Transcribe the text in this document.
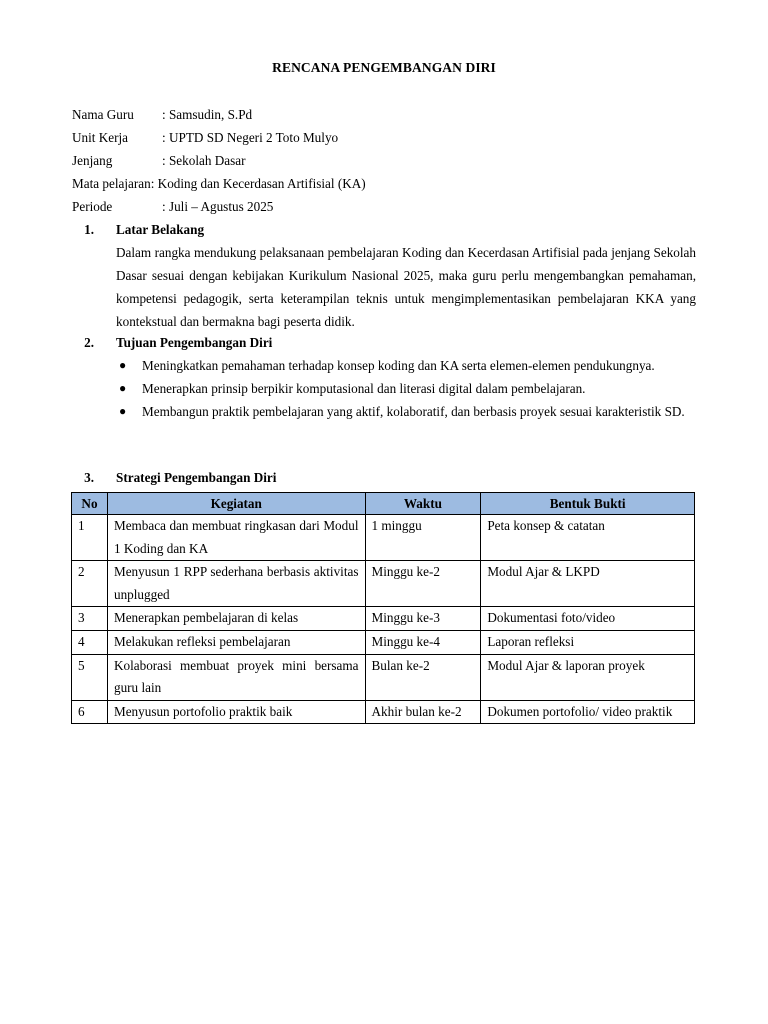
RENCANA PENGEMBANGAN DIRI
Nama Guru : Samsudin, S.Pd
Unit Kerja	: UPTD SD Negeri 2 Toto Mulyo
Jenjang	: Sekolah Dasar
Mata pelajaran: Koding dan Kecerdasan Artifisial (KA)
Periode	: Juli – Agustus 2025
1. Latar Belakang
Dalam rangka mendukung pelaksanaan pembelajaran Koding dan Kecerdasan Artifisial pada jenjang Sekolah Dasar sesuai dengan kebijakan Kurikulum Nasional 2025, maka guru perlu mengembangkan pemahaman, kompetensi pedagogik, serta keterampilan teknis untuk mengimplementasikan pembelajaran KKA yang kontekstual dan bermakna bagi peserta didik.
2. Tujuan Pengembangan Diri
● Meningkatkan pemahaman terhadap konsep koding dan KA serta elemen-elemen pendukungnya.
● Menerapkan prinsip berpikir komputasional dan literasi digital dalam pembelajaran.
● Membangun praktik pembelajaran yang aktif, kolaboratif, dan berbasis proyek sesuai karakteristik SD.
3. Strategi Pengembangan Diri
No	Kegiatan	Waktu	Bentuk Bukti
1	Membaca dan membuat ringkasan dari Modul 1 Koding dan KA	1 minggu	Peta konsep & catatan
2	Menyusun 1 RPP sederhana berbasis aktivitas unplugged	Minggu ke-2	Modul Ajar & LKPD
3	Menerapkan pembelajaran di kelas	Minggu ke-3	Dokumentasi foto/video
4	Melakukan refleksi pembelajaran	Minggu ke-4	Laporan refleksi
5	Kolaborasi membuat proyek mini bersama guru lain	Bulan ke-2	Modul Ajar & laporan proyek
6	Menyusun portofolio praktik baik	Akhir bulan ke-2	Dokumen portofolio/ video praktik
